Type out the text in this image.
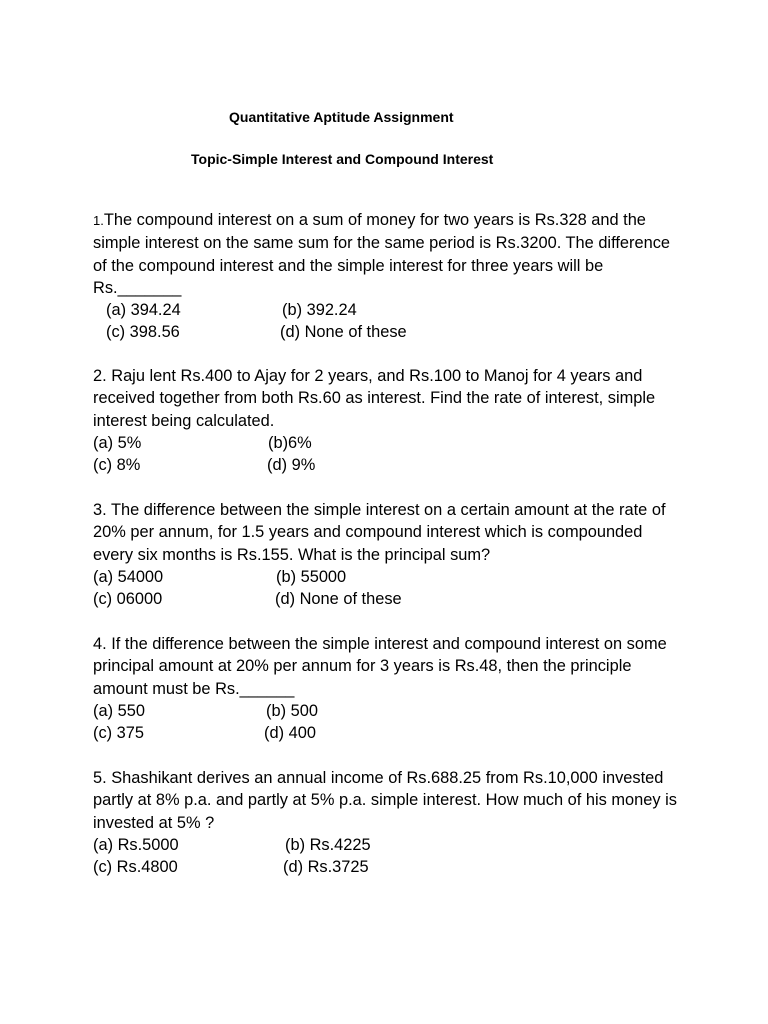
Quantitative Aptitude Assignment
Topic-Simple Interest and Compound Interest

1.The compound interest on a sum of money for two years is Rs.328 and the simple interest on the same sum for the same period is Rs.3200. The difference of the compound interest and the simple interest for three years will be Rs._______

(a) 394.24	(b) 392.24
(c) 398.56	(d) None of these

2. Raju lent Rs.400 to Ajay for 2 years, and Rs.100 to Manoj for 4 years and received together from both Rs.60 as interest. Find the rate of interest, simple interest being calculated.

(a) 5%	(b)6%
(c) 8%	(d) 9%

3. The difference between the simple interest on a certain amount at the rate of 20% per annum, for 1.5 years and compound interest which is compounded every six months is Rs.155. What is the principal sum?

(a) 54000	(b) 55000
(c) 06000	(d) None of these

4. If the difference between the simple interest and compound interest on some principal amount at 20% per annum for 3 years is Rs.48, then the principle amount must be Rs.______

(a) 550	(b) 500
(c) 375	(d) 400

5. Shashikant derives an annual income of Rs.688.25 from Rs.10,000 invested partly at 8% p.a. and partly at 5% p.a. simple interest. How much of his money is invested at 5% ?

(a) Rs.5000	(b) Rs.4225
(c) Rs.4800	(d) Rs.3725
